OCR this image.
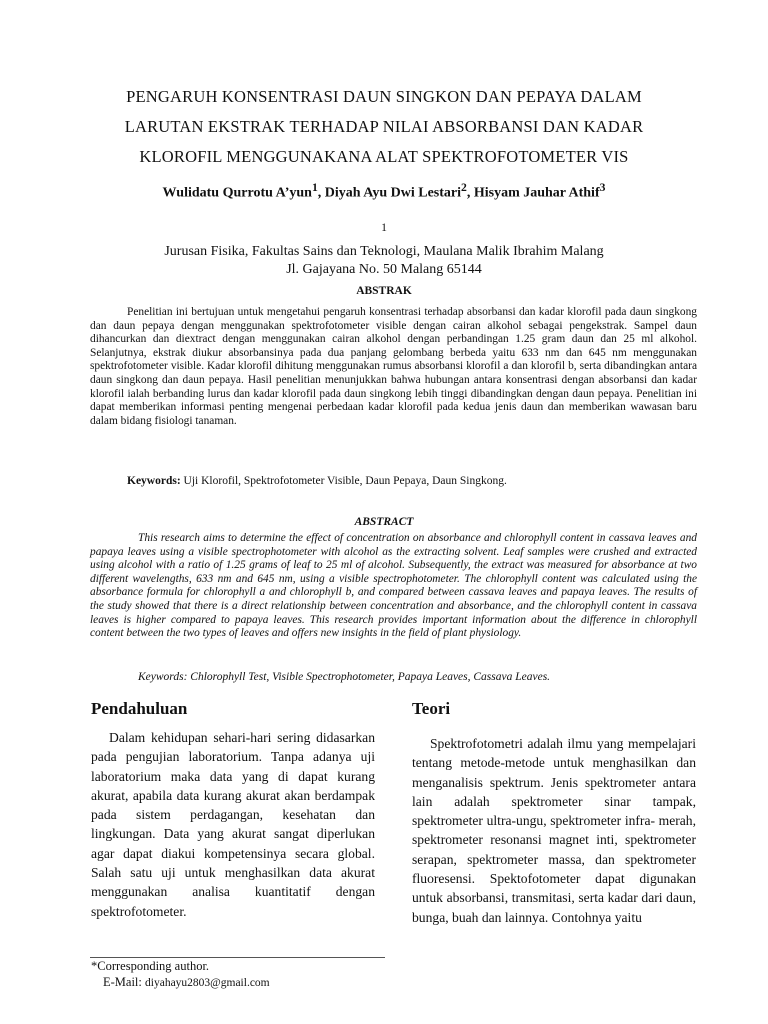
PENGARUH KONSENTRASI DAUN SINGKON DAN PEPAYA DALAM
LARUTAN EKSTRAK TERHADAP NILAI ABSORBANSI DAN KADAR
KLOROFIL MENGGUNAKANA ALAT SPEKTROFOTOMETER VIS
Wulidatu Qurrotu A’yun$^1$, Diyah Ayu Dwi Lestari$^2$, Hisyam Jauhar Athif$^3$
$^1$
Jurusan Fisika, Fakultas Sains dan Teknologi, Maulana Malik Ibrahim Malang
Jl. Gajayana No. 50 Malang 65144
ABSTRAK

Penelitian ini bertujuan untuk mengetahui pengaruh konsentrasi terhadap absorbansi dan kadar klorofil pada daun singkong dan daun pepaya dengan menggunakan spektrofotometer visible dengan cairan alkohol sebagai pengekstrak. Sampel daun dihancurkan dan diextract dengan menggunakan cairan alkohol dengan perbandingan 1.25 gram daun dan 25 ml alkohol. Selanjutnya, ekstrak diukur absorbansinya pada dua panjang gelombang berbeda yaitu 633 nm dan 645 nm menggunakan spektrofotometer visible. Kadar klorofil dihitung menggunakan rumus absorbansi klorofil a dan klorofil b, serta dibandingkan antara daun singkong dan daun pepaya. Hasil penelitian menunjukkan bahwa hubungan antara konsentrasi dengan absorbansi dan kadar klorofil ialah berbanding lurus dan kadar klorofil pada daun singkong lebih tinggi dibandingkan dengan daun pepaya. Penelitian ini dapat memberikan informasi penting mengenai perbedaan kadar klorofil pada kedua jenis daun dan memberikan wawasan baru dalam bidang fisiologi tanaman.

Keywords: Uji Klorofil, Spektrofotometer Visible, Daun Pepaya, Daun Singkong.
ABSTRACT

This research aims to determine the effect of concentration on absorbance and chlorophyll content in cassava leaves and papaya leaves using a visible spectrophotometer with alcohol as the extracting solvent. Leaf samples were crushed and extracted using alcohol with a ratio of 1.25 grams of leaf to 25 ml of alcohol. Subsequently, the extract was measured for absorbance at two different wavelengths, 633 nm and 645 nm, using a visible spectrophotometer. The chlorophyll content was calculated using the absorbance formula for chlorophyll a and chlorophyll b, and compared between cassava leaves and papaya leaves. The results of the study showed that there is a direct relationship between concentration and absorbance, and the chlorophyll content in cassava leaves is higher compared to papaya leaves. This research provides important information about the difference in chlorophyll content between the two types of leaves and offers new insights in the field of plant physiology.

Keywords: Chlorophyll Test, Visible Spectrophotometer, Papaya Leaves, Cassava Leaves.
Pendahuluan

Dalam kehidupan sehari-hari sering didasarkan pada pengujian laboratorium. Tanpa adanya uji laboratorium maka data yang di dapat kurang akurat, apabila data kurang akurat akan berdampak pada sistem perdagangan, kesehatan dan lingkungan. Data yang akurat sangat diperlukan agar dapat diakui kompetensinya secara global. Salah satu uji untuk menghasilkan data akurat menggunakan analisa kuantitatif dengan spektrofotometer.

Teori

Spektrofotometri adalah ilmu yang mempelajari tentang metode-metode untuk menghasilkan dan menganalisis spektrum. Jenis spektrometer antara lain adalah spektrometer sinar tampak, spektrometer ultra-ungu, spektrometer infra- merah, spektrometer resonansi magnet inti, spektrometer serapan, spektrometer massa, dan spektrometer fluoresensi. Spektofotometer dapat digunakan untuk absorbansi, transmitasi, serta kadar dari daun, bunga, buah dan lainnya. Contohnya yaitu

*Corresponding author.
E-Mail: diyahayu2803@gmail.com
